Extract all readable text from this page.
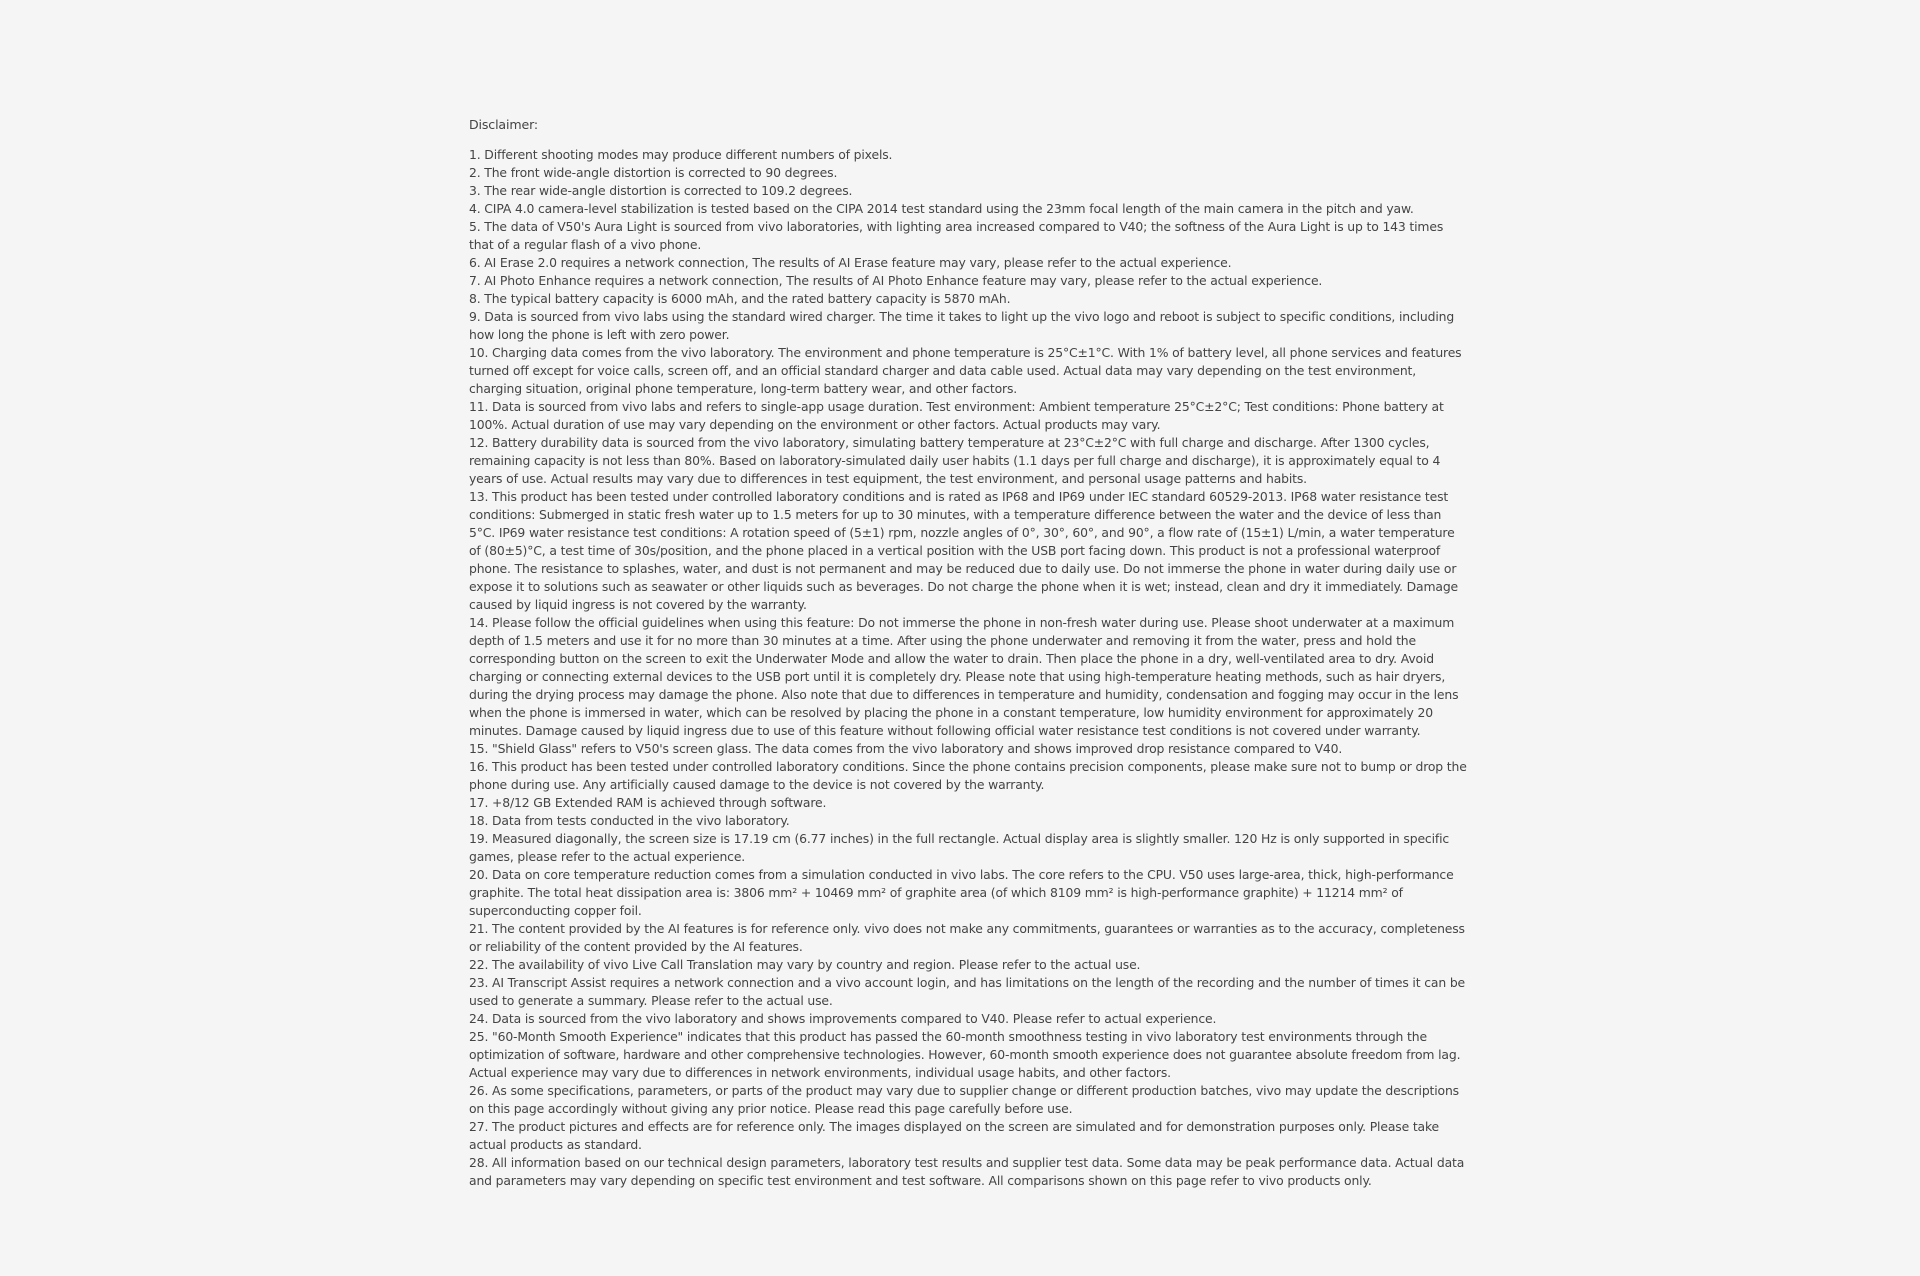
Disclaimer:

1. Different shooting modes may produce different numbers of pixels.
2. The front wide-angle distortion is corrected to 90 degrees.
3. The rear wide-angle distortion is corrected to 109.2 degrees.
4. CIPA 4.0 camera-level stabilization is tested based on the CIPA 2014 test standard using the 23mm focal length of the main camera in the pitch and yaw.
5. The data of V50's Aura Light is sourced from vivo laboratories, with lighting area increased compared to V40; the softness of the Aura Light is up to 143 times that of a regular flash of a vivo phone.
6. AI Erase 2.0 requires a network connection, The results of AI Erase feature may vary, please refer to the actual experience.
7. AI Photo Enhance requires a network connection, The results of AI Photo Enhance feature may vary, please refer to the actual experience.
8. The typical battery capacity is 6000 mAh, and the rated battery capacity is 5870 mAh.
9. Data is sourced from vivo labs using the standard wired charger. The time it takes to light up the vivo logo and reboot is subject to specific conditions, including how long the phone is left with zero power.
10. Charging data comes from the vivo laboratory. The environment and phone temperature is 25°C±1°C. With 1% of battery level, all phone services and features turned off except for voice calls, screen off, and an official standard charger and data cable used. Actual data may vary depending on the test environment, charging situation, original phone temperature, long-term battery wear, and other factors.
11. Data is sourced from vivo labs and refers to single-app usage duration. Test environment: Ambient temperature 25°C±2°C; Test conditions: Phone battery at 100%. Actual duration of use may vary depending on the environment or other factors. Actual products may vary.
12. Battery durability data is sourced from the vivo laboratory, simulating battery temperature at 23°C±2°C with full charge and discharge. After 1300 cycles, remaining capacity is not less than 80%. Based on laboratory-simulated daily user habits (1.1 days per full charge and discharge), it is approximately equal to 4 years of use. Actual results may vary due to differences in test equipment, the test environment, and personal usage patterns and habits.
13. This product has been tested under controlled laboratory conditions and is rated as IP68 and IP69 under IEC standard 60529-2013. IP68 water resistance test conditions: Submerged in static fresh water up to 1.5 meters for up to 30 minutes, with a temperature difference between the water and the device of less than 5°C. IP69 water resistance test conditions: A rotation speed of (5±1) rpm, nozzle angles of 0°, 30°, 60°, and 90°, a flow rate of (15±1) L/min, a water temperature of (80±5)°C, a test time of 30s/position, and the phone placed in a vertical position with the USB port facing down. This product is not a professional waterproof phone. The resistance to splashes, water, and dust is not permanent and may be reduced due to daily use. Do not immerse the phone in water during daily use or expose it to solutions such as seawater or other liquids such as beverages. Do not charge the phone when it is wet; instead, clean and dry it immediately. Damage caused by liquid ingress is not covered by the warranty.
14. Please follow the official guidelines when using this feature: Do not immerse the phone in non-fresh water during use. Please shoot underwater at a maximum depth of 1.5 meters and use it for no more than 30 minutes at a time. After using the phone underwater and removing it from the water, press and hold the corresponding button on the screen to exit the Underwater Mode and allow the water to drain. Then place the phone in a dry, well-ventilated area to dry. Avoid charging or connecting external devices to the USB port until it is completely dry. Please note that using high-temperature heating methods, such as hair dryers, during the drying process may damage the phone. Also note that due to differences in temperature and humidity, condensation and fogging may occur in the lens when the phone is immersed in water, which can be resolved by placing the phone in a constant temperature, low humidity environment for approximately 20 minutes. Damage caused by liquid ingress due to use of this feature without following official water resistance test conditions is not covered under warranty.
15. "Shield Glass" refers to V50's screen glass. The data comes from the vivo laboratory and shows improved drop resistance compared to V40.
16. This product has been tested under controlled laboratory conditions. Since the phone contains precision components, please make sure not to bump or drop the phone during use. Any artificially caused damage to the device is not covered by the warranty.
17. +8/12 GB Extended RAM is achieved through software.
18. Data from tests conducted in the vivo laboratory.
19. Measured diagonally, the screen size is 17.19 cm (6.77 inches) in the full rectangle. Actual display area is slightly smaller. 120 Hz is only supported in specific games, please refer to the actual experience.
20. Data on core temperature reduction comes from a simulation conducted in vivo labs. The core refers to the CPU. V50 uses large-area, thick, high-performance graphite. The total heat dissipation area is: 3806 mm² + 10469 mm² of graphite area (of which 8109 mm² is high-performance graphite) + 11214 mm² of superconducting copper foil.
21. The content provided by the AI features is for reference only. vivo does not make any commitments, guarantees or warranties as to the accuracy, completeness or reliability of the content provided by the AI features.
22. The availability of vivo Live Call Translation may vary by country and region. Please refer to the actual use.
23. AI Transcript Assist requires a network connection and a vivo account login, and has limitations on the length of the recording and the number of times it can be used to generate a summary. Please refer to the actual use.
24. Data is sourced from the vivo laboratory and shows improvements compared to V40. Please refer to actual experience.
25. "60-Month Smooth Experience" indicates that this product has passed the 60-month smoothness testing in vivo laboratory test environments through the optimization of software, hardware and other comprehensive technologies. However, 60-month smooth experience does not guarantee absolute freedom from lag. Actual experience may vary due to differences in network environments, individual usage habits, and other factors.
26. As some specifications, parameters, or parts of the product may vary due to supplier change or different production batches, vivo may update the descriptions on this page accordingly without giving any prior notice. Please read this page carefully before use.
27. The product pictures and effects are for reference only. The images displayed on the screen are simulated and for demonstration purposes only. Please take actual products as standard.
28. All information based on our technical design parameters, laboratory test results and supplier test data. Some data may be peak performance data. Actual data and parameters may vary depending on specific test environment and test software. All comparisons shown on this page refer to vivo products only.
